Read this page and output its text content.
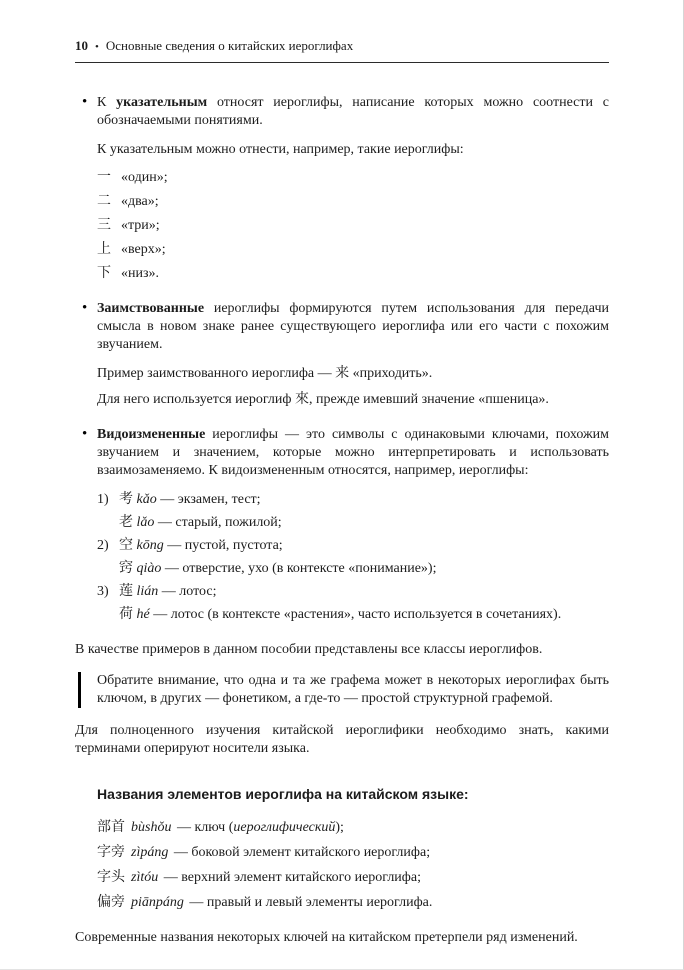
10 • Основные сведения о китайских иероглифах

• К указательным относят иероглифы, написание которых можно соотнести с обозначаемыми понятиями.

К указательным можно отнести, например, такие иероглифы:

一 «один»;

二 «два»;

三 «три»;

上 «верх»;

下 «низ».

• Заимствованные иероглифы формируются путем использования для передачи смысла в новом знаке ранее существующего иероглифа или его части с похожим звучанием.

Пример заимствованного иероглифа — 来 «приходить».

Для него используется иероглиф 來, прежде имевший значение «пшеница».

• Видоизмененные иероглифы — это символы с одинаковыми ключами, похожим звучанием и значением, которые можно интерпретировать и использовать взаимозаменяемо. К видоизмененным относятся, например, иероглифы:

1) 考 kǎo — экзамен, тест;

老 lǎo — старый, пожилой;

2) 空 kōng — пустой, пустота;

窍 qiào — отверстие, ухо (в контексте «понимание»);

3) 莲 lián — лотос;

荷 hé — лотос (в контексте «растения», часто используется в сочетаниях).

В качестве примеров в данном пособии представлены все классы иероглифов.

Обратите внимание, что одна и та же графема может в некоторых иероглифах быть ключом, в других — фонетиком, а где-то — простой структурной графемой.

Для полноценного изучения китайской иероглифики необходимо знать, какими терминами оперируют носители языка.

Названия элементов иероглифа на китайском языке:

部首 bùshǒu — ключ (иероглифический);

字旁 zìpáng — боковой элемент китайского иероглифа;

字头 zìtóu — верхний элемент китайского иероглифа;

偏旁 piānpáng — правый и левый элементы иероглифа.

Современные названия некоторых ключей на китайском претерпели ряд изменений.
